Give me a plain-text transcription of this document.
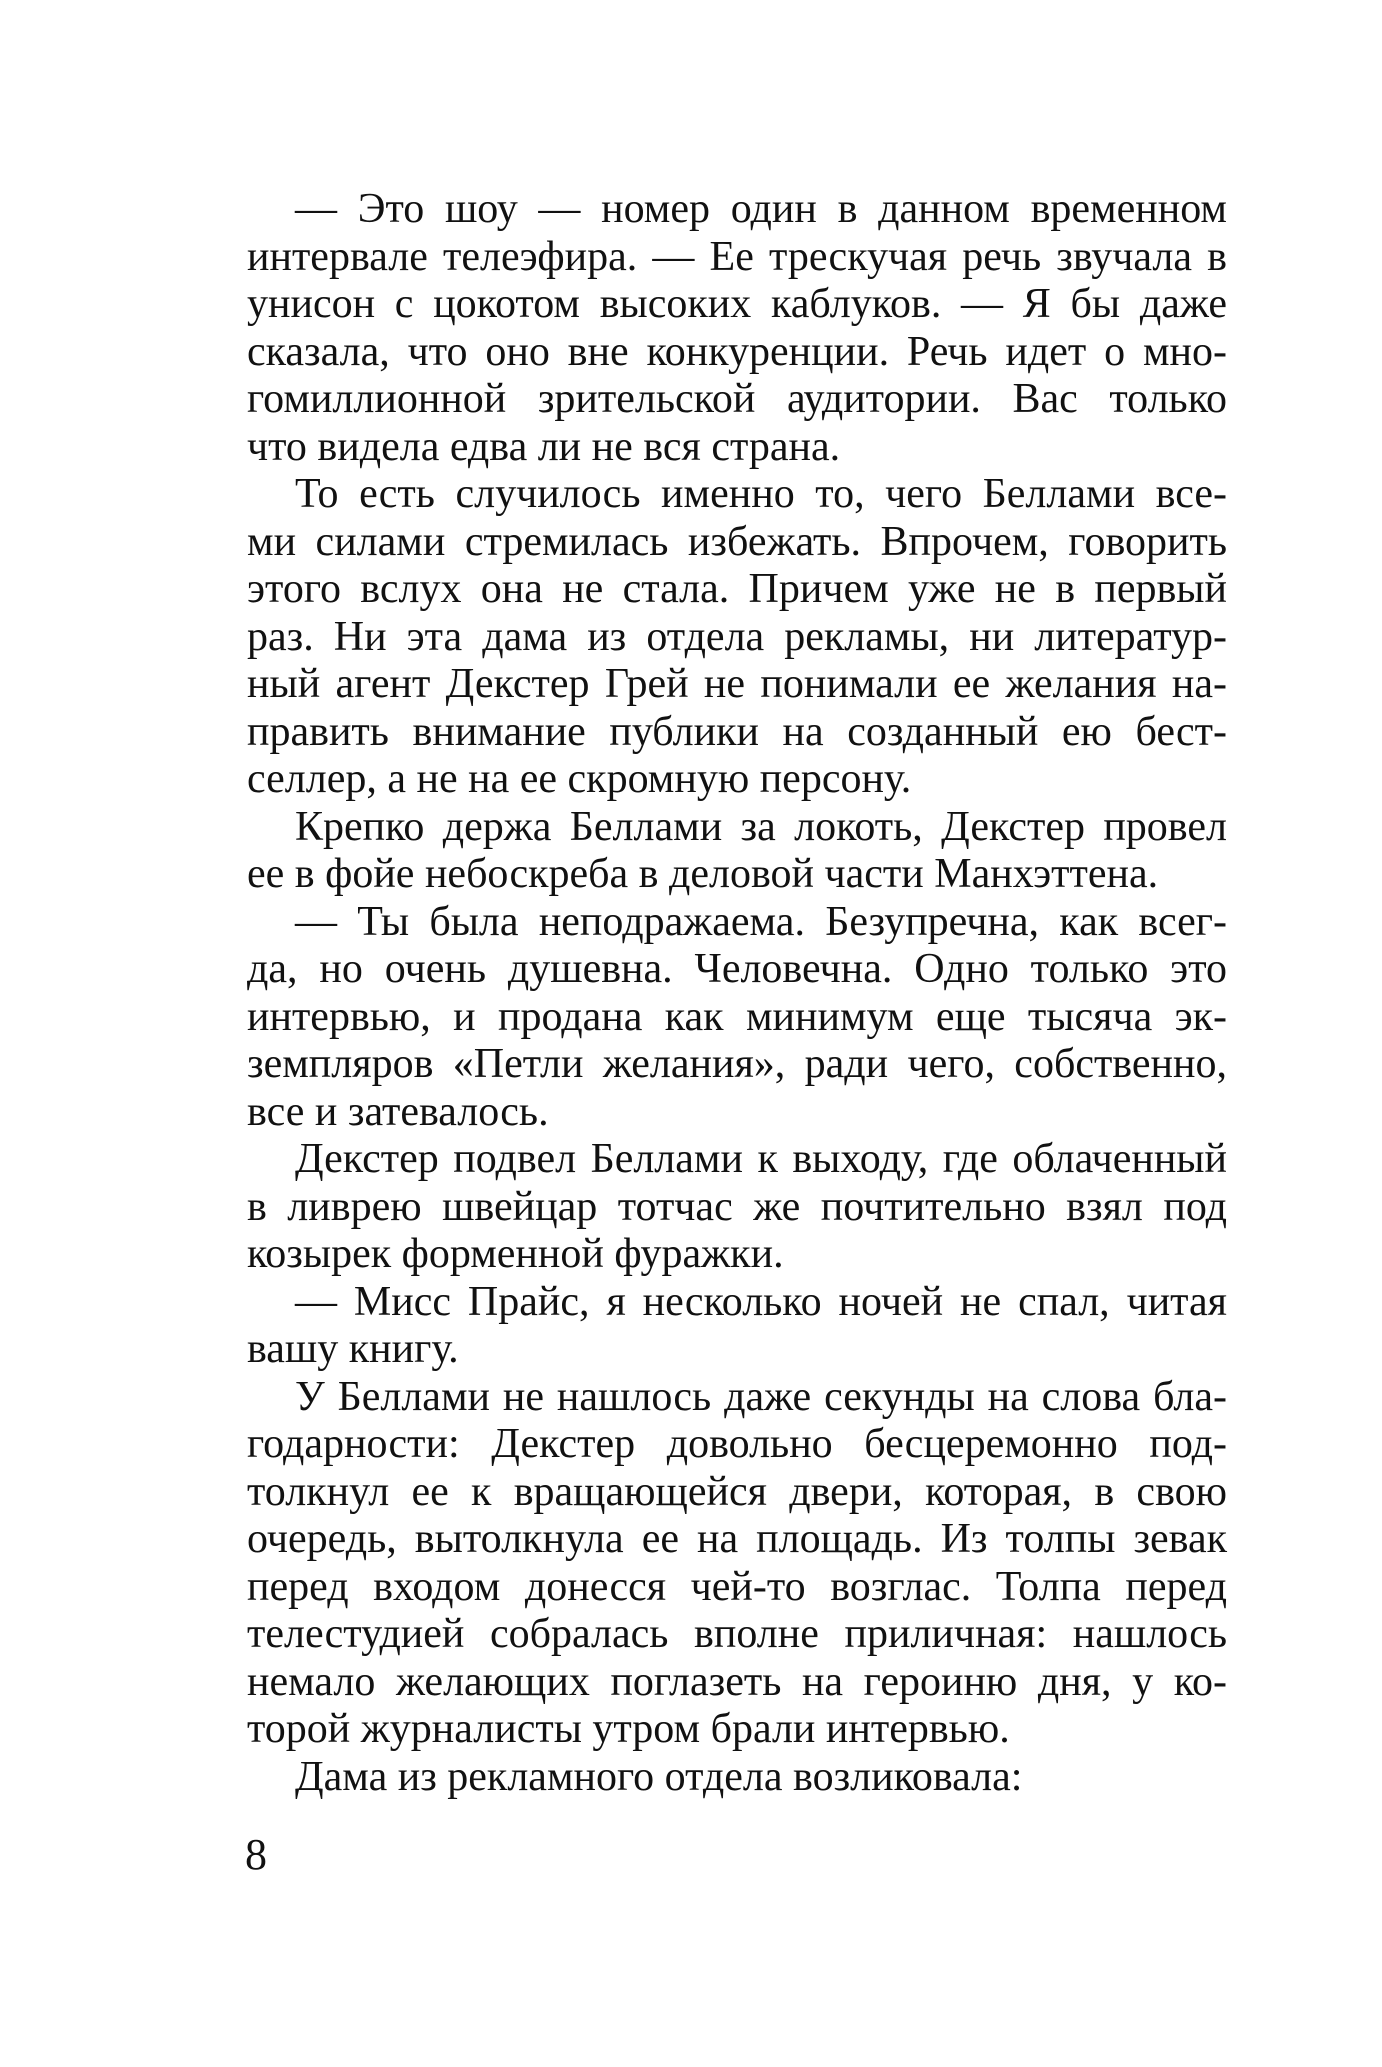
— Это шоу — номер один в данном временном
интервале телеэфира. — Ее трескучая речь звучала в
унисон с цокотом высоких каблуков. — Я бы даже
сказала, что оно вне конкуренции. Речь идет о мно-
гомиллионной зрительской аудитории. Вас только
что видела едва ли не вся страна.
То есть случилось именно то, чего Беллами все-
ми силами стремилась избежать. Впрочем, говорить
этого вслух она не стала. Причем уже не в первый
раз. Ни эта дама из отдела рекламы, ни литератур-
ный агент Декстер Грей не понимали ее желания на-
править внимание публики на созданный ею бест-
селлер, а не на ее скромную персону.
Крепко держа Беллами за локоть, Декстер провел
ее в фойе небоскреба в деловой части Манхэттена.
— Ты была неподражаема. Безупречна, как всег-
да, но очень душевна. Человечна. Одно только это
интервью, и продана как минимум еще тысяча эк-
земпляров «Петли желания», ради чего, собственно,
все и затевалось.
Декстер подвел Беллами к выходу, где облаченный
в ливрею швейцар тотчас же почтительно взял под
козырек форменной фуражки.
— Мисс Прайс, я несколько ночей не спал, читая
вашу книгу.
У Беллами не нашлось даже секунды на слова бла-
годарности: Декстер довольно бесцеремонно под-
толкнул ее к вращающейся двери, которая, в свою
очередь, вытолкнула ее на площадь. Из толпы зевак
перед входом донесся чей-то возглас. Толпа перед
телестудией собралась вполне приличная: нашлось
немало желающих поглазеть на героиню дня, у ко-
торой журналисты утром брали интервью.
Дама из рекламного отдела возликовала:
8
